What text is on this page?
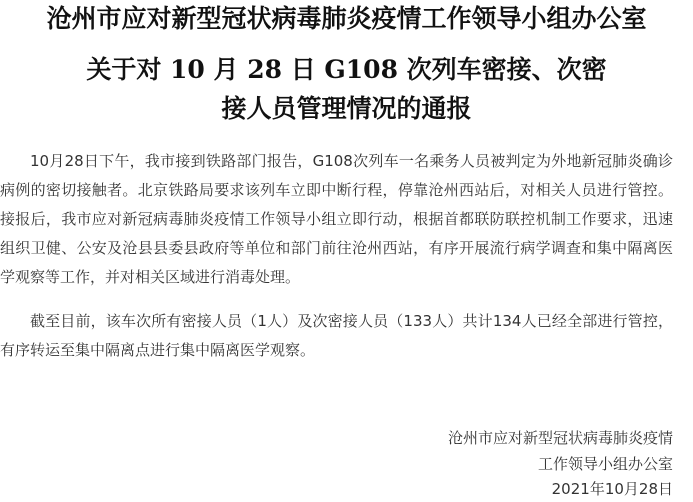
沧州市应对新型冠状病毒肺炎疫情工作领导小组办公室
关于对 10 月 28 日 G108 次列车密接、次密
接人员管理情况的通报

10月28日下午，我市接到铁路部门报告，G108次列车一名乘务人员被判定为外地新冠肺炎确诊病例的密切接触者。北京铁路局要求该列车立即中断行程，停靠沧州西站后，对相关人员进行管控。接报后，我市应对新冠病毒肺炎疫情工作领导小组立即行动，根据首都联防联控机制工作要求，迅速组织卫健、公安及沧县县委县政府等单位和部门前往沧州西站，有序开展流行病学调查和集中隔离医学观察等工作，并对相关区域进行消毒处理。

截至目前，该车次所有密接人员（1人）及次密接人员（133人）共计134人已经全部进行管控，有序转运至集中隔离点进行集中隔离医学观察。

沧州市应对新型冠状病毒肺炎疫情
工作领导小组办公室
2021年10月28日
